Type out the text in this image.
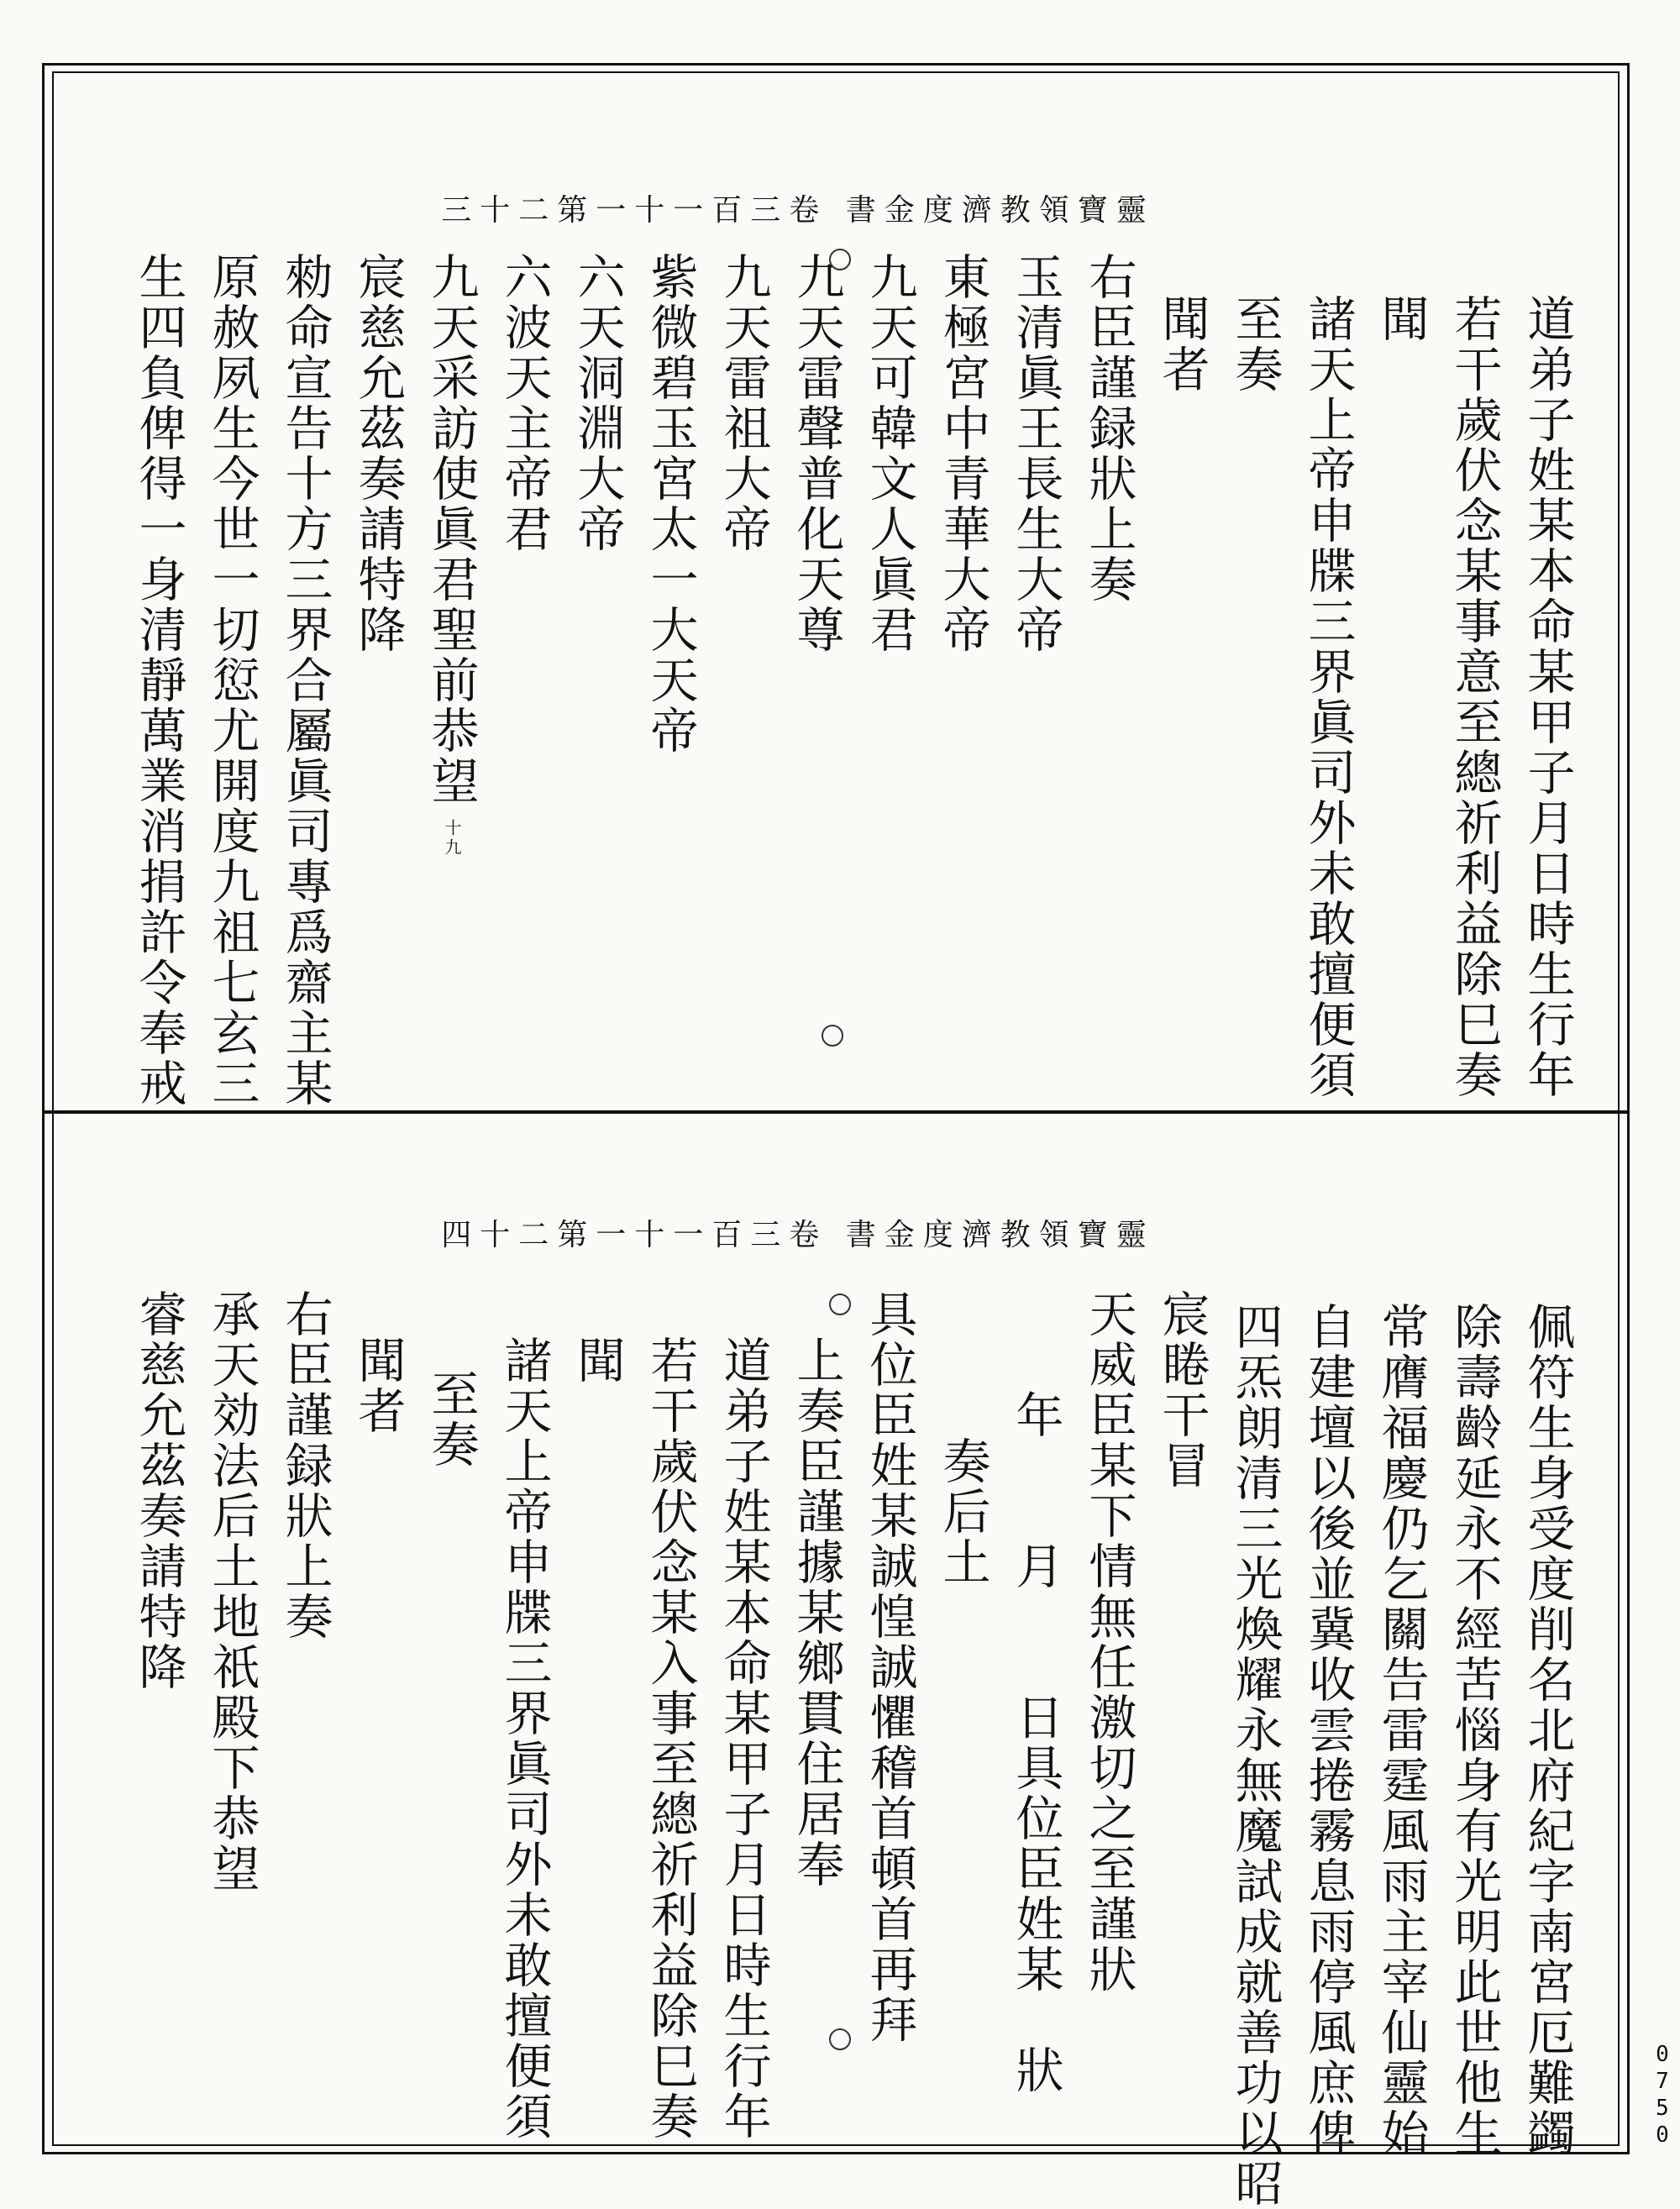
靈寶領教濟度金書 卷三百一十一第二十三
道弟子姓某本命某甲子月日時生行年
若干歲伏念某事意至總祈利益除巳奏
聞
諸天上帝申牒三界眞司外未敢擅便須
至奏
聞者
右臣謹録狀上奏
玉清眞王長生大帝
東極宮中青華大帝
九天可韓文人眞君
九天雷聲普化天尊
九天雷祖大帝
紫微碧玉宮太一大天帝
六天洞淵大帝
六波天主帝君
九天采訪使眞君聖前恭望
宸慈允茲奏請特降
勑命宣告十方三界合屬眞司專爲齋主某
原赦夙生今世一切愆尤開度九祖七玄三
生四負俾得一身清靜萬業消捐許令奉戒	十九
靈寶領教濟度金書 卷三百一十一第二十四
佩符生身受度削名北府紀字南宮厄難蠲
除壽齡延永不經苦惱身有光明此世他生
常膺福慶仍乞關告雷霆風雨主宰仙靈始
自建壇以後並冀收雲捲霧息雨停風庶俾
四炁朗清三光煥耀永無魔試成就善功以昭
宸睠干冒
天威臣某下情無任激切之至謹狀
年　　月　　日具位臣姓某　狀
奏后土
具位臣姓某誠惶誠懼稽首頓首再拜
上奏臣謹據某鄉貫住居奉
道弟子姓某本命某甲子月日時生行年
若干歲伏念某入事至總祈利益除巳奏
聞
諸天上帝申牒三界眞司外未敢擅便須
至奏
聞者
右臣謹録狀上奏
承天効法后土地祇殿下恭望
睿慈允茲奏請特降
0750
